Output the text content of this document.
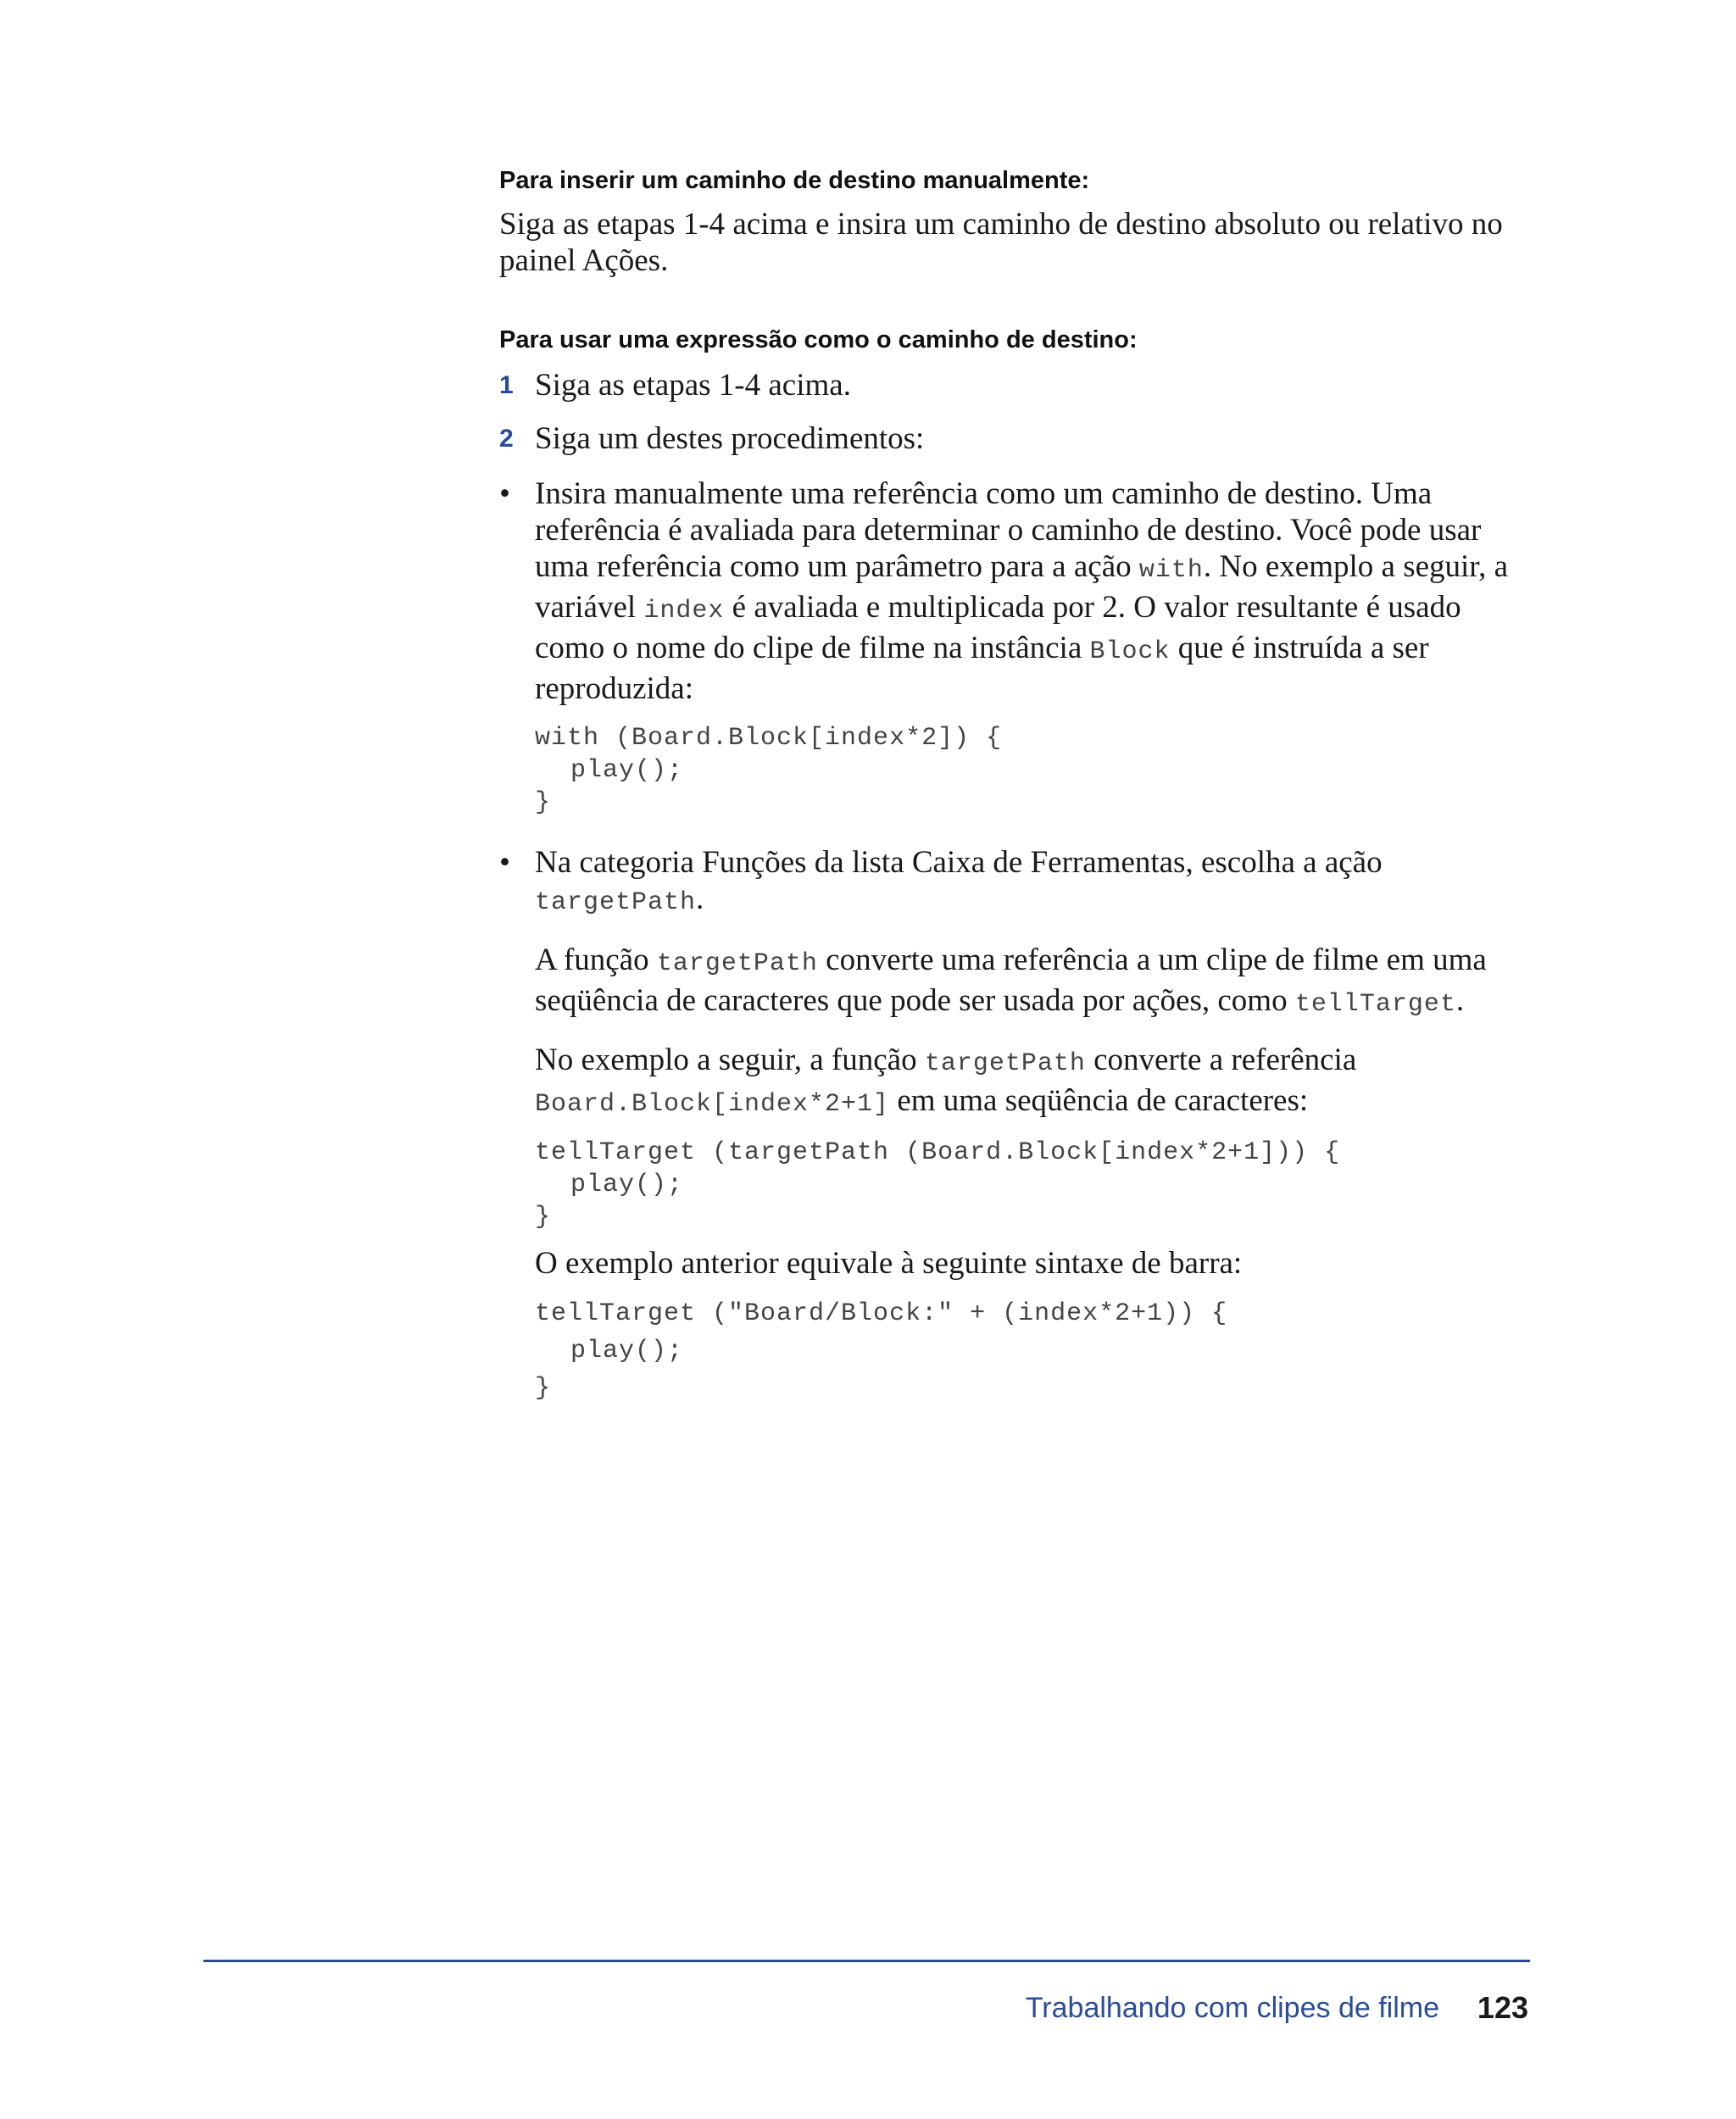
Para inserir um caminho de destino manualmente:

Siga as etapas 1-4 acima e insira um caminho de destino absoluto ou relativo no painel Ações.

Para usar uma expressão como o caminho de destino:

1 Siga as etapas 1-4 acima.
2 Siga um destes procedimentos:
• Insira manualmente uma referência como um caminho de destino. Uma referência é avaliada para determinar o caminho de destino. Você pode usar uma referência como um parâmetro para a ação with. No exemplo a seguir, a variável index é avaliada e multiplicada por 2. O valor resultante é usado como o nome do clipe de filme na instância Block que é instruída a ser reproduzida:
with (Board.Block[index*2]) {
play();
}
• Na categoria Funções da lista Caixa de Ferramentas, escolha a ação
targetPath.
A função targetPath converte uma referência a um clipe de filme em uma seqüência de caracteres que pode ser usada por ações, como tellTarget.
No exemplo a seguir, a função targetPath converte a referência
Board.Block[index*2+1] em uma seqüência de caracteres:
tellTarget (targetPath (Board.Block[index*2+1])) {
play();
}
O exemplo anterior equivale à seguinte sintaxe de barra:
tellTarget ("Board/Block:" + (index*2+1)) {
play();
}
Trabalhando com clipes de filme 123
